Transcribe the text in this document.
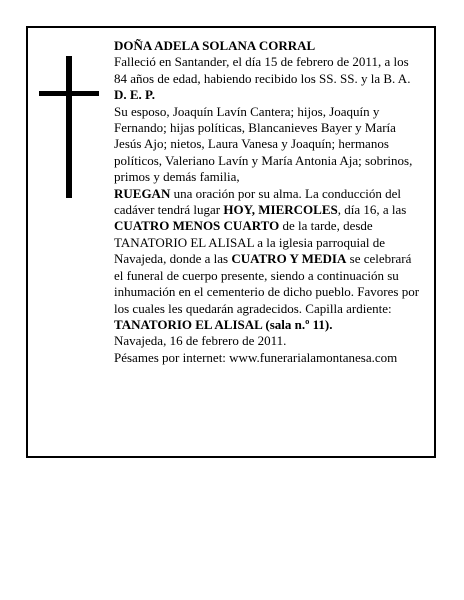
DOÑA ADELA SOLANA CORRAL

Falleció en Santander, el día 15 de febrero de 2011, a los 84 años de edad, habiendo recibido los SS. SS. y la B. A.

D. E. P.

Su esposo, Joaquín Lavín Cantera; hijos, Joaquín y Fernando; hijas políticas, Blancanieves Bayer y María Jesús Ajo; nietos, Laura Vanesa y Joaquín; hermanos políticos, Valeriano Lavín y María Antonia Aja; sobrinos, primos y demás familia,

RUEGAN una oración por su alma. La conducción del cadáver tendrá lugar HOY, MIERCOLES, día 16, a las CUATRO MENOS CUARTO de la tarde, desde TANATORIO EL ALISAL a la iglesia parroquial de Navajeda, donde a las CUATRO Y MEDIA se celebrará el funeral de cuerpo presente, siendo a continuación su inhumación en el cementerio de dicho pueblo. Favores por los cuales les quedarán agradecidos. Capilla ardiente: TANATORIO EL ALISAL (sala n.º 11).

Navajeda, 16 de febrero de 2011.

Pésames por internet: www.funerarialamontanesa.com
